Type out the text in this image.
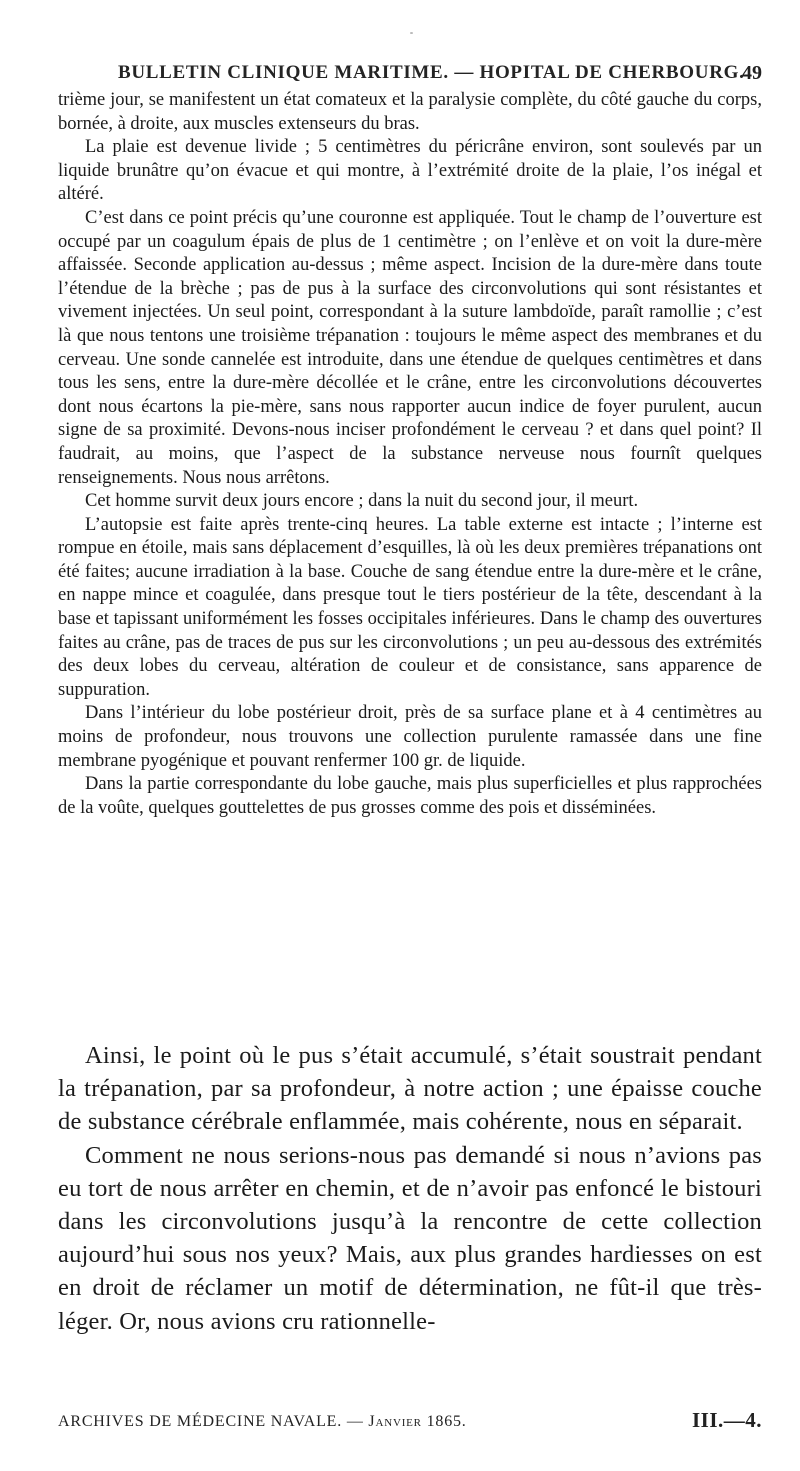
BULLETIN CLINIQUE MARITIME. — HOPITAL DE CHERBOURG.
49

trième jour, se manifestent un état comateux et la paralysie complète, du côté gauche du corps, bornée, à droite, aux muscles extenseurs du bras.

La plaie est devenue livide ; 5 centimètres du péricrâne environ, sont soulevés par un liquide brunâtre qu’on évacue et qui montre, à l’extrémité droite de la plaie, l’os inégal et altéré.

C’est dans ce point précis qu’une couronne est appliquée. Tout le champ de l’ouverture est occupé par un coagulum épais de plus de 1 centimètre ; on l’enlève et on voit la dure-mère affaissée. Seconde application au-dessus ; même aspect. Incision de la dure-mère dans toute l’étendue de la brèche ; pas de pus à la surface des circonvolutions qui sont résistantes et vivement injectées. Un seul point, correspondant à la suture lambdoïde, paraît ramollie ; c’est là que nous tentons une troisième trépanation : toujours le même aspect des membranes et du cerveau. Une sonde cannelée est introduite, dans une étendue de quelques centimètres et dans tous les sens, entre la dure-mère décollée et le crâne, entre les circonvolutions découvertes dont nous écartons la pie-mère, sans nous rapporter aucun indice de foyer purulent, aucun signe de sa proximité. Devons-nous inciser profondément le cerveau ? et dans quel point? Il faudrait, au moins, que l’aspect de la substance nerveuse nous fournît quelques renseignements. Nous nous arrêtons.

Cet homme survit deux jours encore ; dans la nuit du second jour, il meurt.

L’autopsie est faite après trente-cinq heures. La table externe est intacte ; l’interne est rompue en étoile, mais sans déplacement d’esquilles, là où les deux premières trépanations ont été faites; aucune irradiation à la base. Couche de sang étendue entre la dure-mère et le crâne, en nappe mince et coagulée, dans presque tout le tiers postérieur de la tête, descendant à la base et tapissant uniformément les fosses occipitales inférieures. Dans le champ des ouvertures faites au crâne, pas de traces de pus sur les circonvolutions ; un peu au-dessous des extrémités des deux lobes du cerveau, altération de couleur et de consistance, sans apparence de suppuration.

Dans l’intérieur du lobe postérieur droit, près de sa surface plane et à 4 centimètres au moins de profondeur, nous trouvons une collection purulente ramassée dans une fine membrane pyogénique et pouvant renfermer 100 gr. de liquide.

Dans la partie correspondante du lobe gauche, mais plus superficielles et plus rapprochées de la voûte, quelques gouttelettes de pus grosses comme des pois et disséminées.

Ainsi, le point où le pus s’était accumulé, s’était soustrait pendant la trépanation, par sa profondeur, à notre action ; une épaisse couche de substance cérébrale enflammée, mais cohérente, nous en séparait.

Comment ne nous serions-nous pas demandé si nous n’avions pas eu tort de nous arrêter en chemin, et de n’avoir pas enfoncé le bistouri dans les circonvolutions jusqu’à la rencontre de cette collection aujourd’hui sous nos yeux? Mais, aux plus grandes hardiesses on est en droit de réclamer un motif de détermination, ne fût-il que très-léger. Or, nous avions cru rationnelle-

ARCHIVES DE MÉDECINE NAVALE. — Janvier 1865.	III.—4.
